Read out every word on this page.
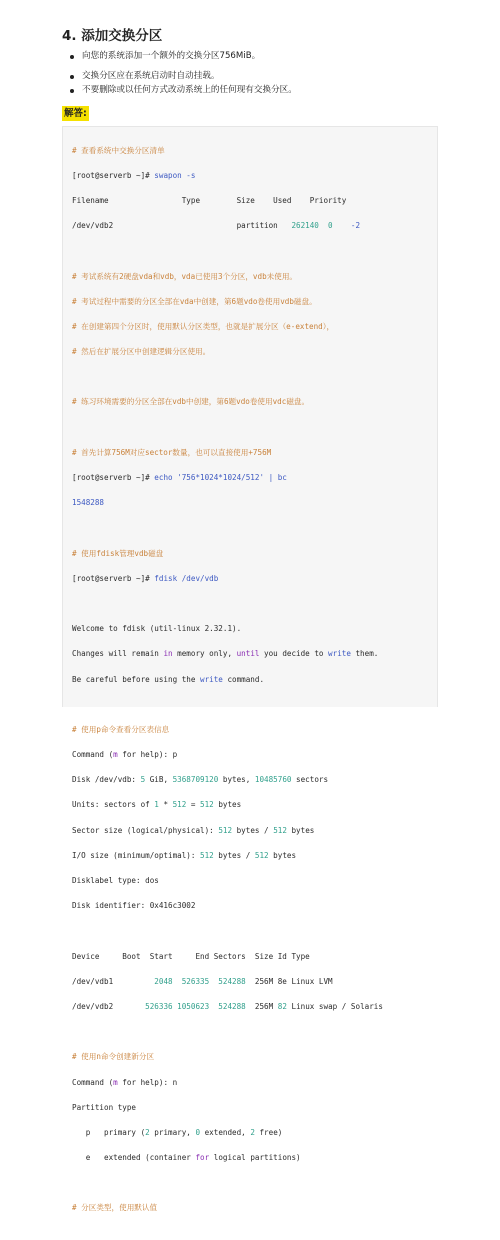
4. 添加交换分区
向您的系统添加一个额外的交换分区756MiB。
交换分区应在系统启动时自动挂载。
不要删除或以任何方式改动系统上的任何现有交换分区。
解答:

# 查看系统中交换分区清单

[root@serverb ~]# swapon -s

Filename                Type        Size    Used    Priority

/dev/vdb2                           partition   262140 0 -2

# 考试系统有2硬盘vda和vdb，vda已使用3个分区，vdb未使用。

# 考试过程中需要的分区全部在vda中创建，第6题vdo卷使用vdb磁盘。

# 在创建第四个分区时，使用默认分区类型，也就是扩展分区（e-extend），

# 然后在扩展分区中创建逻辑分区使用。

# 练习环境需要的分区全部在vdb中创建，第6题vdo卷使用vdc磁盘。

# 首先计算756M对应sector数量，也可以直接使用+756M

[root@serverb ~]# echo '756*1024*1024/512' | bc

1548288

# 使用fdisk管理vdb磁盘

[root@serverb ~]# fdisk /dev/vdb

Welcome to fdisk (util-linux 2.32.1).

Changes will remain in memory only, until you decide to write them.

Be careful before using the write command.

# 使用p命令查看分区表信息

Command (m for help): p

Disk /dev/vdb: 5 GiB, 5368709120 bytes, 10485760 sectors

Units: sectors of 1 * 512 = 512 bytes

Sector size (logical/physical): 512 bytes / 512 bytes

I/O size (minimum/optimal): 512 bytes / 512 bytes

Disklabel type: dos

Disk identifier: 0x416c3002

Device     Boot  Start     End Sectors  Size Id Type

/dev/vdb1         2048  526335  524288  256M 8e Linux LVM

/dev/vdb2       526336 1050623  524288  256M 82 Linux swap / Solaris

# 使用n命令创建新分区

Command (m for help): n

Partition type

p   primary (2 primary, 0 extended, 2 free)

e   extended (container for logical partitions)

# 分区类型，使用默认值
